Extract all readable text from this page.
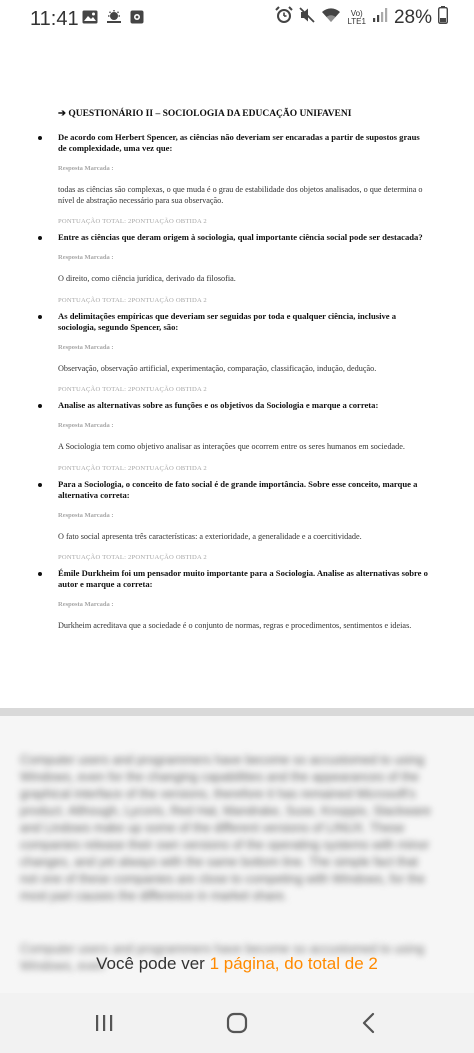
11:41	Vo)
LTE1 28%
➔ QUESTIONÁRIO II – SOCIOLOGIA DA EDUCAÇÃO UNIFAVENI
De acordo com Herbert Spencer, as ciências não deveriam ser encaradas a partir de supostos graus de complexidade, uma vez que:
Resposta Marcada :
todas as ciências são complexas, o que muda é o grau de estabilidade dos objetos analisados, o que determina o nível de abstração necessário para sua observação.
PONTUAÇÃO TOTAL: 2PONTUAÇÃO OBTIDA 2
Entre as ciências que deram origem à sociologia, qual importante ciência social pode ser destacada?
Resposta Marcada :
O direito, como ciência jurídica, derivado da filosofia.
PONTUAÇÃO TOTAL: 2PONTUAÇÃO OBTIDA 2
As delimitações empíricas que deveriam ser seguidas por toda e qualquer ciência, inclusive a sociologia, segundo Spencer, são:
Resposta Marcada :
Observação, observação artificial, experimentação, comparação, classificação, indução, dedução.
PONTUAÇÃO TOTAL: 2PONTUAÇÃO OBTIDA 2
Analise as alternativas sobre as funções e os objetivos da Sociologia e marque a correta:
Resposta Marcada :
A Sociologia tem como objetivo analisar as interações que ocorrem entre os seres humanos em sociedade.
PONTUAÇÃO TOTAL: 2PONTUAÇÃO OBTIDA 2
Para a Sociologia, o conceito de fato social é de grande importância. Sobre esse conceito, marque a alternativa correta:
Resposta Marcada :
O fato social apresenta três características: a exterioridade, a generalidade e a coercitividade.
PONTUAÇÃO TOTAL: 2PONTUAÇÃO OBTIDA 2
Émile Durkheim foi um pensador muito importante para a Sociologia. Analise as alternativas sobre o autor e marque a correta:
Resposta Marcada :
Durkheim acreditava que a sociedade é o conjunto de normas, regras e procedimentos, sentimentos e ideias.
Computer users and programmers have become so accustomed to using Windows, even for the changing capabilities and the appearances of the graphical interface of the versions, therefore it has remained Microsoft's product. Although, Lycoris, Red Hat, Mandrake, Suse, Knoppix, Slackware and Lindows make up some of the different versions of LINUX. These companies release their own versions of the operating systems with minor changes, and yet always with the same bottom line. The simple fact that not one of these companies are close to competing with Windows, for the most part causes the difference in market share.
Computer users and programmers have become so accustomed to using Windows, even
Você pode ver 1 página, do total de 2
